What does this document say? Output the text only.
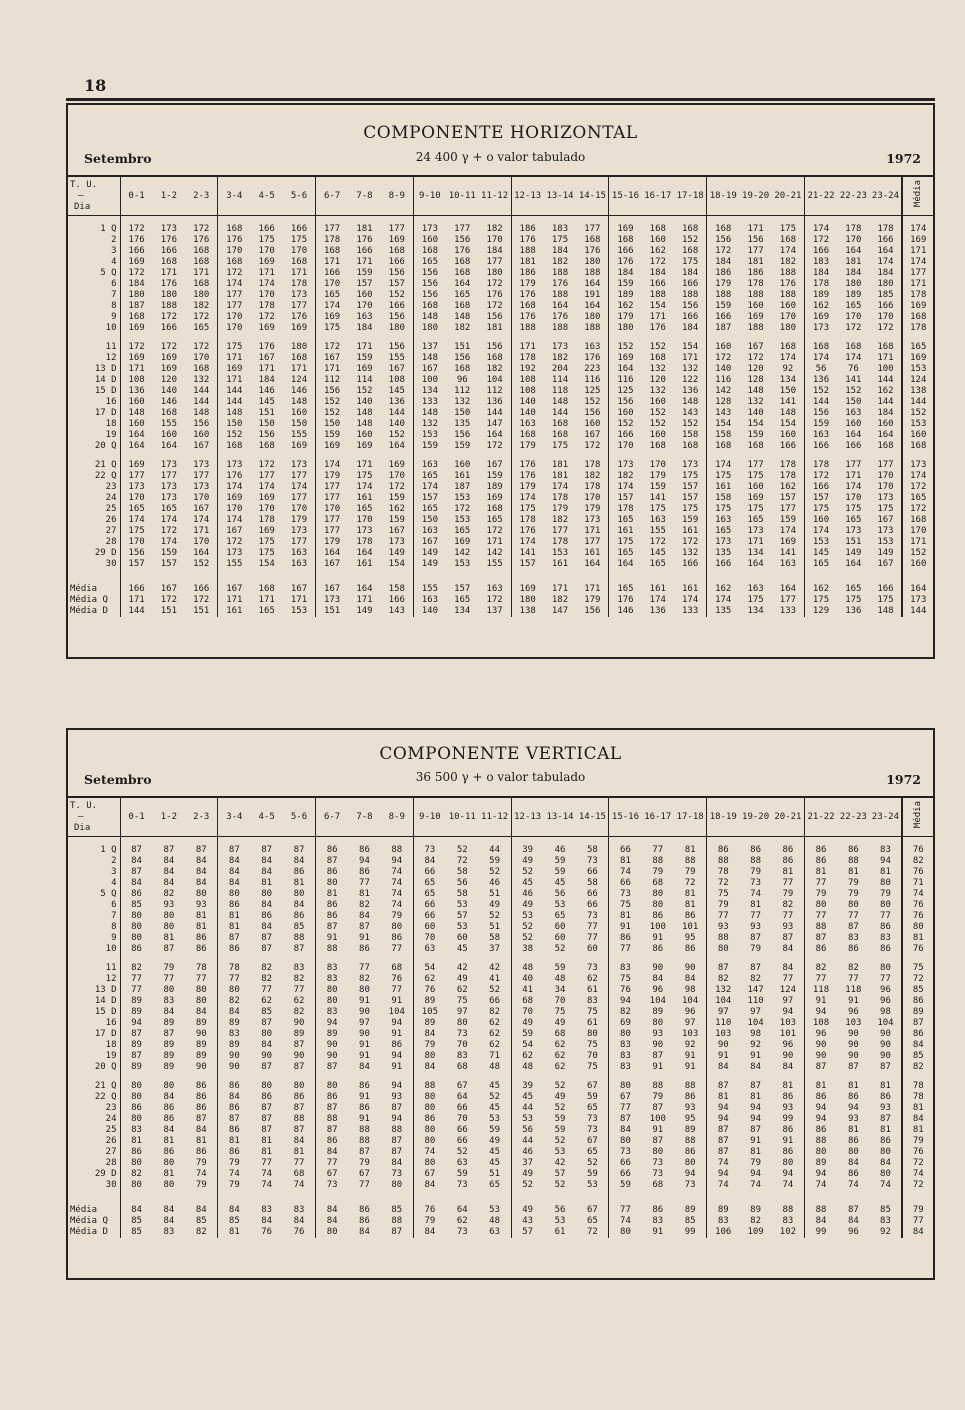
18
COMPONENTE HORIZONTAL
Setembro	24 400 γ + o valor tabulado	1972
T. U.
—
Dia	0-1	1-2	2-3	3-4	4-5	5-6	6-7	7-8	8-9	9-10	10-11	11-12	12-13	13-14	14-15	15-16	16-17	17-18	18-19	19-20	20-21	21-22	22-23	23-24	Média

1 Q	172	173	172	168	166	166	177	181	177	173	177	182	186	183	177	169	168	168	168	171	175	174	178	178	174
2	176	176	176	176	175	175	178	176	169	160	156	170	176	175	168	168	160	152	156	156	168	172	170	166	169
3	166	166	168	170	170	170	168	166	168	168	176	184	188	184	176	166	162	168	172	177	174	166	164	164	171
4	169	168	168	168	169	168	171	171	166	165	168	177	181	182	180	176	172	175	184	181	182	183	181	174	174
5 Q	172	171	171	172	171	171	166	159	156	156	168	180	186	188	188	184	184	184	186	186	188	184	184	184	177
6	184	176	168	174	174	178	170	157	157	156	164	172	179	176	164	159	166	166	179	178	176	178	180	180	171
7	180	180	180	177	170	173	165	160	152	156	165	176	176	188	191	189	188	188	188	188	188	189	189	185	178
8	187	188	182	177	178	177	174	170	166	168	168	172	168	164	164	162	154	156	159	160	160	162	165	166	169
9	168	172	172	170	172	176	169	163	156	148	148	156	176	176	180	179	171	166	166	169	170	169	170	170	168
10	169	166	165	170	169	169	175	184	180	180	182	181	188	188	188	180	176	184	187	188	180	173	172	172	178

11	172	172	172	175	176	180	172	171	156	137	151	156	171	173	163	152	152	154	160	167	168	168	168	168	165
12	169	169	170	171	167	168	167	159	155	148	156	168	178	182	176	169	168	171	172	172	174	174	174	171	169
13 D	171	169	168	169	171	171	171	169	167	167	168	182	192	204	223	164	132	132	140	120	92	56	76	100	153
14 D	108	120	132	171	184	124	112	114	108	100	96	104	108	114	116	116	120	122	116	128	134	136	141	144	124
15 D	136	140	144	144	146	146	156	152	145	134	112	112	108	118	125	125	132	136	142	148	150	152	152	162	138
16	160	146	144	144	145	148	152	140	136	133	132	136	140	148	152	156	160	148	128	132	141	144	150	144	144
17 D	148	168	148	148	151	160	152	148	144	148	150	144	140	144	156	160	152	143	143	140	148	156	163	184	152
18	160	155	156	150	150	150	150	148	140	132	135	147	163	168	160	152	152	152	154	154	154	159	160	160	153
19	164	160	160	152	156	155	159	160	152	153	156	164	168	168	167	166	160	158	158	159	160	163	164	164	160
20 Q	164	164	167	168	168	169	169	169	164	159	159	172	179	175	172	170	168	168	168	168	166	166	166	168	168

21 Q	169	173	173	173	172	173	174	171	169	163	160	167	176	181	178	173	170	173	174	177	178	178	177	177	173
22 Q	177	177	177	176	177	177	179	175	170	165	161	159	176	181	182	182	179	175	175	175	178	172	171	170	174
23	173	173	173	174	174	174	177	174	172	174	187	189	179	174	178	174	159	157	161	160	162	166	174	170	172
24	170	173	170	169	169	177	177	161	159	157	153	169	174	178	170	157	141	157	158	169	157	157	170	173	165
25	165	165	167	170	170	170	170	165	162	165	172	168	175	179	179	178	175	175	175	175	177	175	175	175	172
26	174	174	174	174	178	179	177	170	159	150	153	165	178	182	173	165	163	159	163	165	159	160	165	167	168
27	175	172	171	167	169	173	177	173	167	163	165	172	176	177	171	161	155	161	165	173	174	174	173	173	170
28	170	174	170	172	175	177	179	178	173	167	169	171	174	178	177	175	172	172	173	171	169	153	151	153	171
29 D	156	159	164	173	175	163	164	164	149	149	142	142	141	153	161	165	145	132	135	134	141	145	149	149	152
30	157	157	152	155	154	163	167	161	154	149	153	155	157	161	164	164	165	166	166	164	163	165	164	167	160

Média	166	167	166	167	168	167	167	164	158	155	157	163	169	171	171	165	161	161	162	163	164	162	165	166	164
Média Q	171	172	172	171	171	171	173	171	166	163	165	172	180	182	179	176	174	174	174	175	177	175	175	175	173
Média D	144	151	151	161	165	153	151	149	143	140	134	137	138	147	156	146	136	133	135	134	133	129	136	148	144
COMPONENTE VERTICAL
Setembro	36 500 γ + o valor tabulado	1972
T. U.
—
Dia	0-1	1-2	2-3	3-4	4-5	5-6	6-7	7-8	8-9	9-10	10-11	11-12	12-13	13-14	14-15	15-16	16-17	17-18	18-19	19-20	20-21	21-22	22-23	23-24	Média

1 Q	87	87	87	87	87	87	86	86	88	73	52	44	39	46	58	66	77	81	86	86	86	86	86	83	76
2	84	84	84	84	84	84	87	94	94	84	72	59	49	59	73	81	88	88	88	88	86	86	88	94	82
3	87	84	84	84	84	86	86	86	74	66	58	52	52	59	66	74	79	79	78	79	81	81	81	81	76
4	84	84	84	84	81	81	80	77	74	65	56	46	45	45	58	66	68	72	72	73	77	77	79	80	71
5 Q	86	82	80	80	80	80	81	81	74	65	58	51	46	56	66	73	80	81	75	74	79	79	79	79	74
6	85	93	93	86	84	84	86	82	74	66	53	49	49	53	66	75	80	81	79	81	82	80	80	80	76
7	80	80	81	81	86	86	86	84	79	66	57	52	53	65	73	81	86	86	77	77	77	77	77	77	76
8	80	80	81	81	84	85	87	87	80	60	53	51	52	60	77	91	100	101	93	93	93	88	87	86	80
9	80	81	86	87	87	88	91	91	86	70	60	58	52	60	77	86	91	95	88	87	87	87	83	83	81
10	86	87	86	86	87	87	88	86	77	63	45	37	38	52	60	77	86	86	80	79	84	86	86	86	76

11	82	79	78	78	82	83	83	77	68	54	42	42	48	59	73	83	90	90	87	87	84	82	82	80	75
12	77	77	77	77	82	82	83	82	76	62	49	41	40	48	62	75	84	84	82	82	77	77	77	77	72
13 D	77	80	80	80	77	77	80	80	77	76	62	52	41	34	61	76	96	98	132	147	124	118	118	96	85
14 D	89	83	80	82	62	62	80	91	91	89	75	66	68	70	83	94	104	104	104	110	97	91	91	96	86
15 D	89	84	84	84	85	82	83	90	104	105	97	82	70	75	75	82	89	96	97	97	94	94	96	98	89
16	94	89	89	89	87	90	94	97	94	89	80	62	49	49	61	69	80	97	110	104	103	108	103	104	87
17 D	87	87	90	83	80	89	89	90	91	84	73	62	59	68	80	80	93	103	103	98	101	96	90	90	86
18	89	89	89	89	84	87	90	91	86	79	70	62	54	62	75	83	90	92	90	92	96	90	90	90	84
19	87	89	89	90	90	90	90	91	94	80	83	71	62	62	70	83	87	91	91	91	90	90	90	90	85
20 Q	89	89	90	90	87	87	87	84	91	84	68	48	48	62	75	83	91	91	84	84	84	87	87	87	82

21 Q	80	80	86	86	80	80	80	86	94	88	67	45	39	52	67	80	88	88	87	87	81	81	81	81	78
22 Q	80	84	86	84	86	86	86	91	93	80	64	52	45	49	59	67	79	86	81	81	86	86	86	86	78
23	86	86	86	86	87	87	87	86	87	80	66	45	44	52	65	77	87	93	94	94	93	94	94	93	81
24	80	86	87	87	87	88	88	91	94	86	70	53	53	59	73	87	100	95	94	94	99	94	93	87	84
25	83	84	84	86	87	87	87	88	88	80	66	59	56	59	73	84	91	89	87	87	86	86	81	81	81
26	81	81	81	81	81	84	86	88	87	80	66	49	44	52	67	80	87	88	87	91	91	88	86	86	79
27	86	86	86	86	81	81	84	87	87	74	52	45	46	53	65	73	80	86	87	81	86	80	80	80	76
28	80	80	79	79	77	77	77	79	84	80	63	45	37	42	52	66	73	80	74	79	80	89	84	84	72
29 D	82	81	74	74	74	68	67	67	73	67	59	51	49	57	59	66	73	94	94	94	94	94	86	80	74
30	80	80	79	79	74	74	73	77	80	84	73	65	52	52	53	59	68	73	74	74	74	74	74	74	72

Média	84	84	84	84	83	83	84	86	85	76	64	53	49	56	67	77	86	89	89	89	88	88	87	85	79
Média Q	85	84	85	85	84	84	84	86	88	79	62	48	43	53	65	74	83	85	83	82	83	84	84	83	77
Média D	85	83	82	81	76	76	80	84	87	84	73	63	57	61	72	80	91	99	106	109	102	99	96	92	84
